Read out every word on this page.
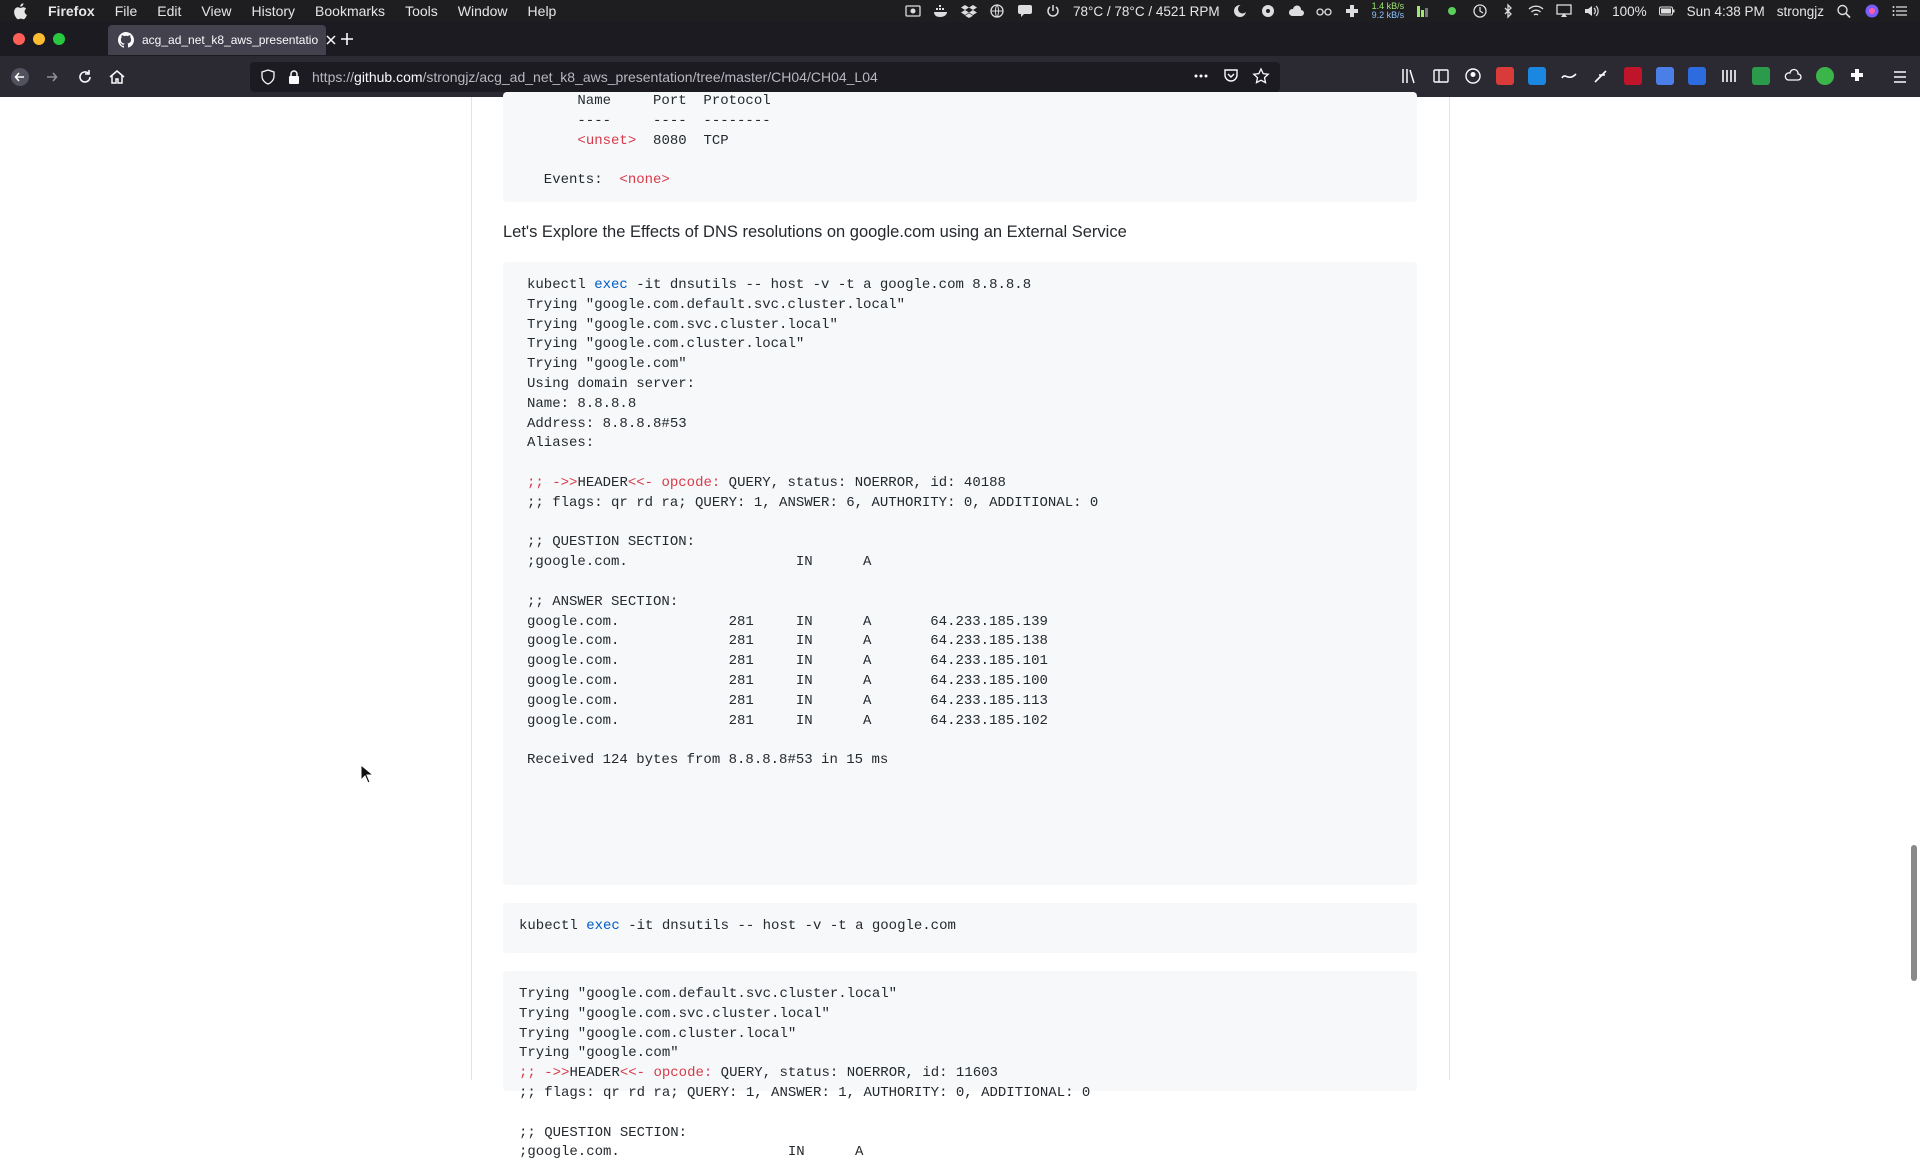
Firefox File Edit View History Bookmarks Tools Window Help	78°C / 78°C / 4521 RPM	1.4 kB/s
9.2 kB/s	100%	Sun 4:38 PM strongjz
acg_ad_net_k8_aws_presentatio
https://github.com/strongjz/acg_ad_net_k8_aws_presentation/tree/master/CH04/CH04_L04
Name     Port  Protocol
----     ----  --------
<unset>  8080  TCP
Events:  <none>
Let's Explore the Effects of DNS resolutions on google.com using an External Service
kubectl exec -it dnsutils -- host -v -t a google.com 8.8.8.8
Trying "google.com.default.svc.cluster.local"
Trying "google.com.svc.cluster.local"
Trying "google.com.cluster.local"
Trying "google.com"
Using domain server:
Name: 8.8.8.8
Address: 8.8.8.8#53
Aliases:
;; ->>HEADER<<- opcode: QUERY, status: NOERROR, id: 40188
;; flags: qr rd ra; QUERY: 1, ANSWER: 6, AUTHORITY: 0, ADDITIONAL: 0
;; QUESTION SECTION:
;google.com.                    IN      A
;; ANSWER SECTION:
google.com.             281     IN      A       64.233.185.139
google.com.             281     IN      A       64.233.185.138
google.com.             281     IN      A       64.233.185.101
google.com.             281     IN      A       64.233.185.100
google.com.             281     IN      A       64.233.185.113
google.com.             281     IN      A       64.233.185.102
Received 124 bytes from 8.8.8.8#53 in 15 ms
kubectl exec -it dnsutils -- host -v -t a google.com
Trying "google.com.default.svc.cluster.local"
Trying "google.com.svc.cluster.local"
Trying "google.com.cluster.local"
Trying "google.com"
;; ->>HEADER<<- opcode: QUERY, status: NOERROR, id: 11603
;; flags: qr rd ra; QUERY: 1, ANSWER: 1, AUTHORITY: 0, ADDITIONAL: 0
;; QUESTION SECTION:
;google.com.                    IN      A
